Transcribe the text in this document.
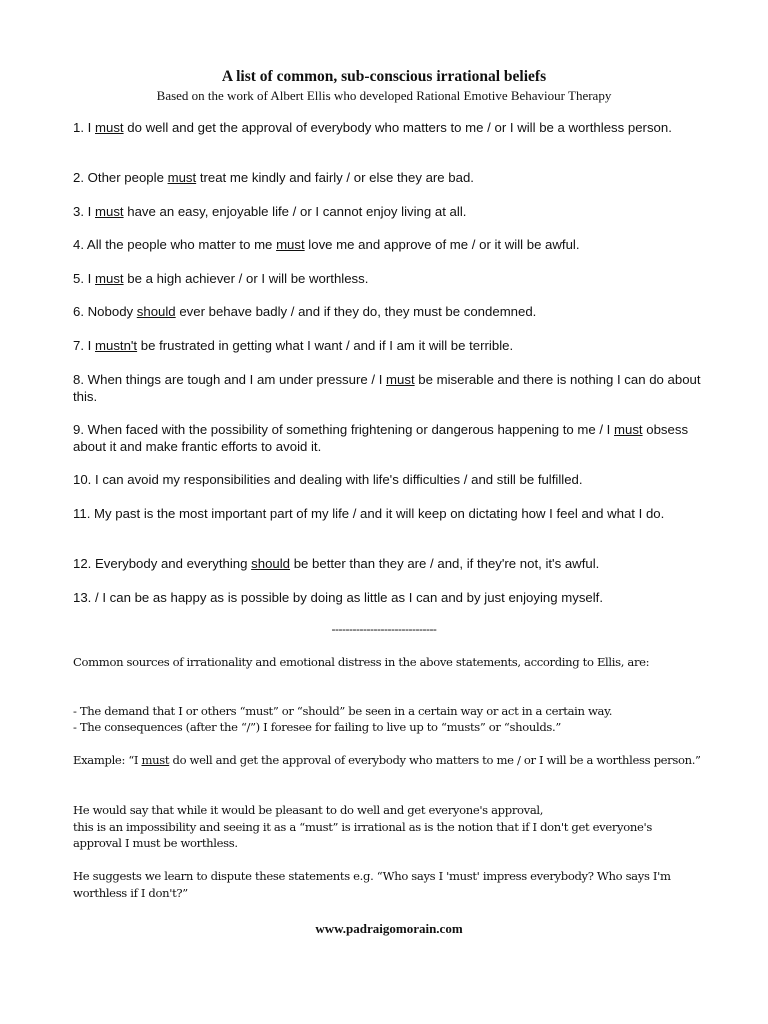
A list of common, sub-conscious irrational beliefs

Based on the work of Albert Ellis who developed Rational Emotive Behaviour Therapy

1. I must do well and get the approval of everybody who matters to me / or I will be a worthless person.

2. Other people must treat me kindly and fairly / or else they are bad.

3. I must have an easy, enjoyable life / or I cannot enjoy living at all.

4. All the people who matter to me must love me and approve of me / or it will be awful.

5. I must be a high achiever / or I will be worthless.

6. Nobody should ever behave badly / and if they do, they must be condemned.

7. I mustn't be frustrated in getting what I want / and if I am it will be terrible.

8. When things are tough and I am under pressure / I must be miserable and there is nothing I can do about this.

9. When faced with the possibility of something frightening or dangerous happening to me / I must obsess about it and make frantic efforts to avoid it.

10. I can avoid my responsibilities and dealing with life's difficulties / and still be fulfilled.

11. My past is the most important part of my life / and it will keep on dictating how I feel and what I do.

12. Everybody and everything should be better than they are / and, if they're not, it's awful.

13. / I can be as happy as is possible by doing as little as I can and by just enjoying myself.

------------------------------

Common sources of irrationality and emotional distress in the above statements, according to Ellis, are:

- The demand that I or others “must” or “should” be seen in a certain way or act in a certain way.

- The consequences (after the “/”) I foresee for failing to live up to “musts” or “shoulds.”

Example: “I must do well and get the approval of everybody who matters to me / or I will be a worthless person.”

He would say that while it would be pleasant to do well and get everyone's approval,
this is an impossibility and seeing it as a “must” is irrational as is the notion that if I don't get everyone's approval I must be worthless.

He suggests we learn to dispute these statements e.g. “Who says I 'must' impress everybody? Who says I'm worthless if I don't?”

www.padraigomorain.com
